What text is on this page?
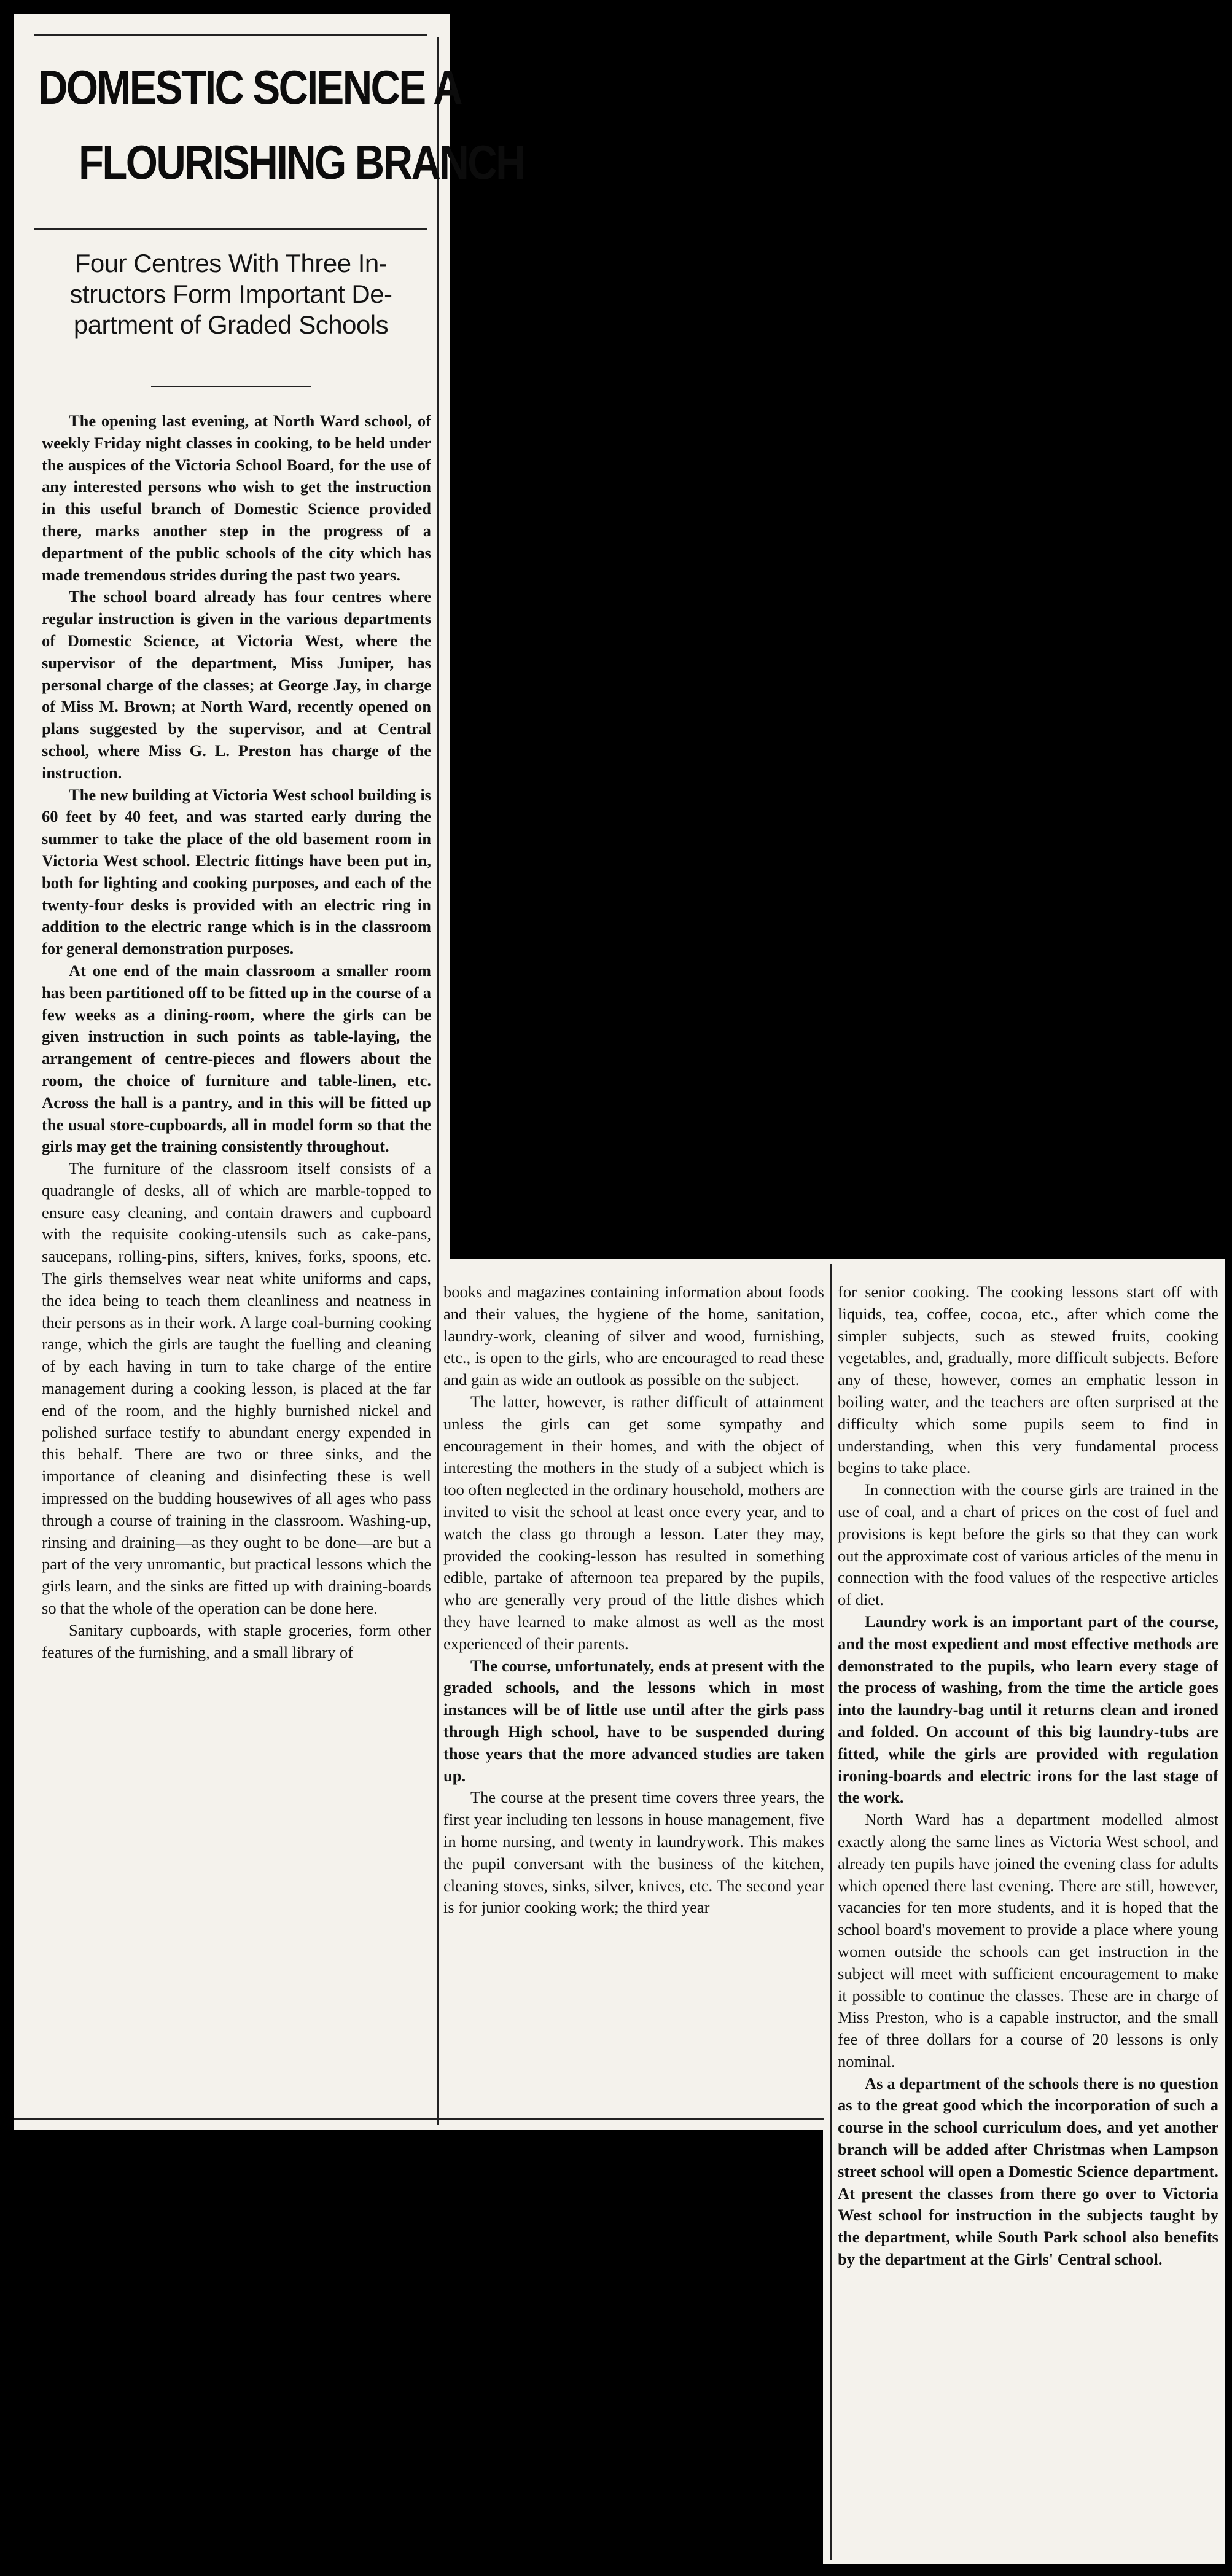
DOMESTIC SCIENCE A
FLOURISHING BRANCH
Four Centres With Three In-
structors Form Important De-
partment of Graded Schools

The opening last evening, at North Ward school, of weekly Friday night classes in cooking, to be held under the auspices of the Victoria School Board, for the use of any interested persons who wish to get the instruction in this useful branch of Domestic Science provided there, marks another step in the progress of a department of the public schools of the city which has made tremendous strides during the past two years.

The school board already has four centres where regular instruction is given in the various departments of Domestic Science, at Victoria West, where the supervisor of the department, Miss Juniper, has personal charge of the classes; at George Jay, in charge of Miss M. Brown; at North Ward, recently opened on plans suggested by the supervisor, and at Central school, where Miss G. L. Preston has charge of the instruction.

The new building at Victoria West school building is 60 feet by 40 feet, and was started early during the summer to take the place of the old basement room in Victoria West school. Electric fittings have been put in, both for lighting and cooking purposes, and each of the twenty-four desks is provided with an electric ring in addition to the electric range which is in the classroom for general demonstration purposes.

At one end of the main classroom a smaller room has been partitioned off to be fitted up in the course of a few weeks as a dining-room, where the girls can be given instruction in such points as table-laying, the arrangement of centre-pieces and flowers about the room, the choice of furniture and table-linen, etc. Across the hall is a pantry, and in this will be fitted up the usual store-cupboards, all in model form so that the girls may get the training consistently throughout.

The furniture of the classroom itself consists of a quadrangle of desks, all of which are marble-topped to ensure easy cleaning, and contain drawers and cupboard with the requisite cooking-utensils such as cake-pans, saucepans, rolling-pins, sifters, knives, forks, spoons, etc. The girls themselves wear neat white uniforms and caps, the idea being to teach them cleanliness and neatness in their persons as in their work. A large coal-burning cooking range, which the girls are taught the fuelling and cleaning of by each having in turn to take charge of the entire management during a cooking lesson, is placed at the far end of the room, and the highly burnished nickel and polished surface testify to abundant energy expended in this behalf. There are two or three sinks, and the importance of cleaning and disinfecting these is well impressed on the budding housewives of all ages who pass through a course of training in the classroom. Washing-up, rinsing and draining—as they ought to be done—are but a part of the very unromantic, but practical lessons which the girls learn, and the sinks are fitted up with draining-boards so that the whole of the operation can be done here.

Sanitary cupboards, with staple groceries, form other features of the furnishing, and a small library of

books and magazines containing information about foods and their values, the hygiene of the home, sanitation, laundry-work, cleaning of silver and wood, furnishing, etc., is open to the girls, who are encouraged to read these and gain as wide an outlook as possible on the subject.

The latter, however, is rather difficult of attainment unless the girls can get some sympathy and encouragement in their homes, and with the object of interesting the mothers in the study of a subject which is too often neglected in the ordinary household, mothers are invited to visit the school at least once every year, and to watch the class go through a lesson. Later they may, provided the cooking-lesson has resulted in something edible, partake of afternoon tea prepared by the pupils, who are generally very proud of the little dishes which they have learned to make almost as well as the most experienced of their parents.

The course, unfortunately, ends at present with the graded schools, and the lessons which in most instances will be of little use until after the girls pass through High school, have to be suspended during those years that the more advanced studies are taken up.

The course at the present time covers three years, the first year including ten lessons in house management, five in home nursing, and twenty in laundrywork. This makes the pupil conversant with the business of the kitchen, cleaning stoves, sinks, silver, knives, etc. The second year is for junior cooking work; the third year

for senior cooking. The cooking lessons start off with liquids, tea, coffee, cocoa, etc., after which come the simpler subjects, such as stewed fruits, cooking vegetables, and, gradually, more difficult subjects. Before any of these, however, comes an emphatic lesson in boiling water, and the teachers are often surprised at the difficulty which some pupils seem to find in understanding, when this very fundamental process begins to take place.

In connection with the course girls are trained in the use of coal, and a chart of prices on the cost of fuel and provisions is kept before the girls so that they can work out the approximate cost of various articles of the menu in connection with the food values of the respective articles of diet.

Laundry work is an important part of the course, and the most expedient and most effective methods are demonstrated to the pupils, who learn every stage of the process of washing, from the time the article goes into the laundry-bag until it returns clean and ironed and folded. On account of this big laundry-tubs are fitted, while the girls are provided with regulation ironing-boards and electric irons for the last stage of the work.

North Ward has a department modelled almost exactly along the same lines as Victoria West school, and already ten pupils have joined the evening class for adults which opened there last evening. There are still, however, vacancies for ten more students, and it is hoped that the school board's movement to provide a place where young women outside the schools can get instruction in the subject will meet with sufficient encouragement to make it possible to continue the classes. These are in charge of Miss Preston, who is a capable instructor, and the small fee of three dollars for a course of 20 lessons is only nominal.

As a department of the schools there is no question as to the great good which the incorporation of such a course in the school curriculum does, and yet another branch will be added after Christmas when Lampson street school will open a Domestic Science department. At present the classes from there go over to Victoria West school for instruction in the subjects taught by the department, while South Park school also benefits by the department at the Girls' Central school.
